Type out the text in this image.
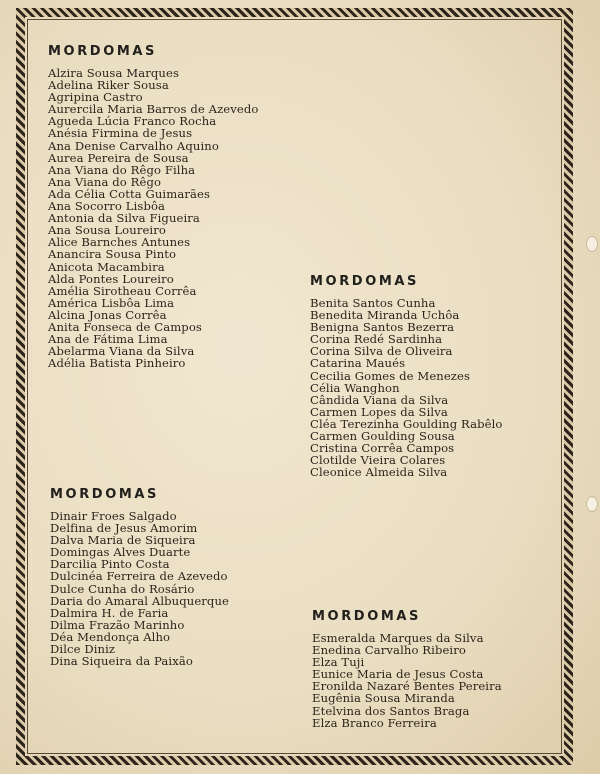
MORDOMAS
Alzira Sousa Marques
Adelina Riker Sousa
Agripina Castro
Aurercila Maria Barros de Azevedo
Agueda Lúcia Franco Rocha
Anésia Firmina de Jesus
Ana Denise Carvalho Aquino
Aurea Pereira de Sousa
Ana Viana do Rêgo Filha
Ana Viana do Rêgo
Ada Célia Cotta Guimarães
Ana Socorro Lisbôa
Antonia da Silva Figueira
Ana Sousa Loureiro
Alice Barnches Antunes
Anancira Sousa Pinto
Anicota Macambira
Alda Pontes Loureiro
Amélia Sirotheau Corrêa
América Lisbôa Lima
Alcina Jonas Corrêa
Anita Fonseca de Campos
Ana de Fátima Lima
Abelarma Viana da Silva
Adélia Batista Pinheiro
MORDOMAS
Benita Santos Cunha
Benedita Miranda Uchôa
Benigna Santos Bezerra
Corina Redé Sardinha
Corina Silva de Oliveira
Catarina Maués
Cecilia Gomes de Menezes
Célia Wanghon
Cândida Viana da Silva
Carmen Lopes da Silva
Cléa Terezinha Goulding Rabêlo
Carmen Goulding Sousa
Cristina Corrêa Campos
Clotilde Vieira Colares
Cleonice Almeida Silva
MORDOMAS
Dinair Froes Salgado
Delfina de Jesus Amorim
Dalva Maria de Siqueira
Domingas Alves Duarte
Darcilia Pinto Costa
Dulcinéa Ferreira de Azevedo
Dulce Cunha do Rosário
Daria do Amaral Albuquerque
Dalmira H. de Faria
Dilma Frazão Marinho
Déa Mendonça Alho
Dilce Diniz
Dina Siqueira da Paixão
MORDOMAS
Esmeralda Marques da Silva
Enedina Carvalho Ribeiro
Elza Tuji
Eunice Maria de Jesus Costa
Eronilda Nazaré Bentes Pereira
Eugênia Sousa Miranda
Etelvina dos Santos Braga
Elza Branco Ferreira
